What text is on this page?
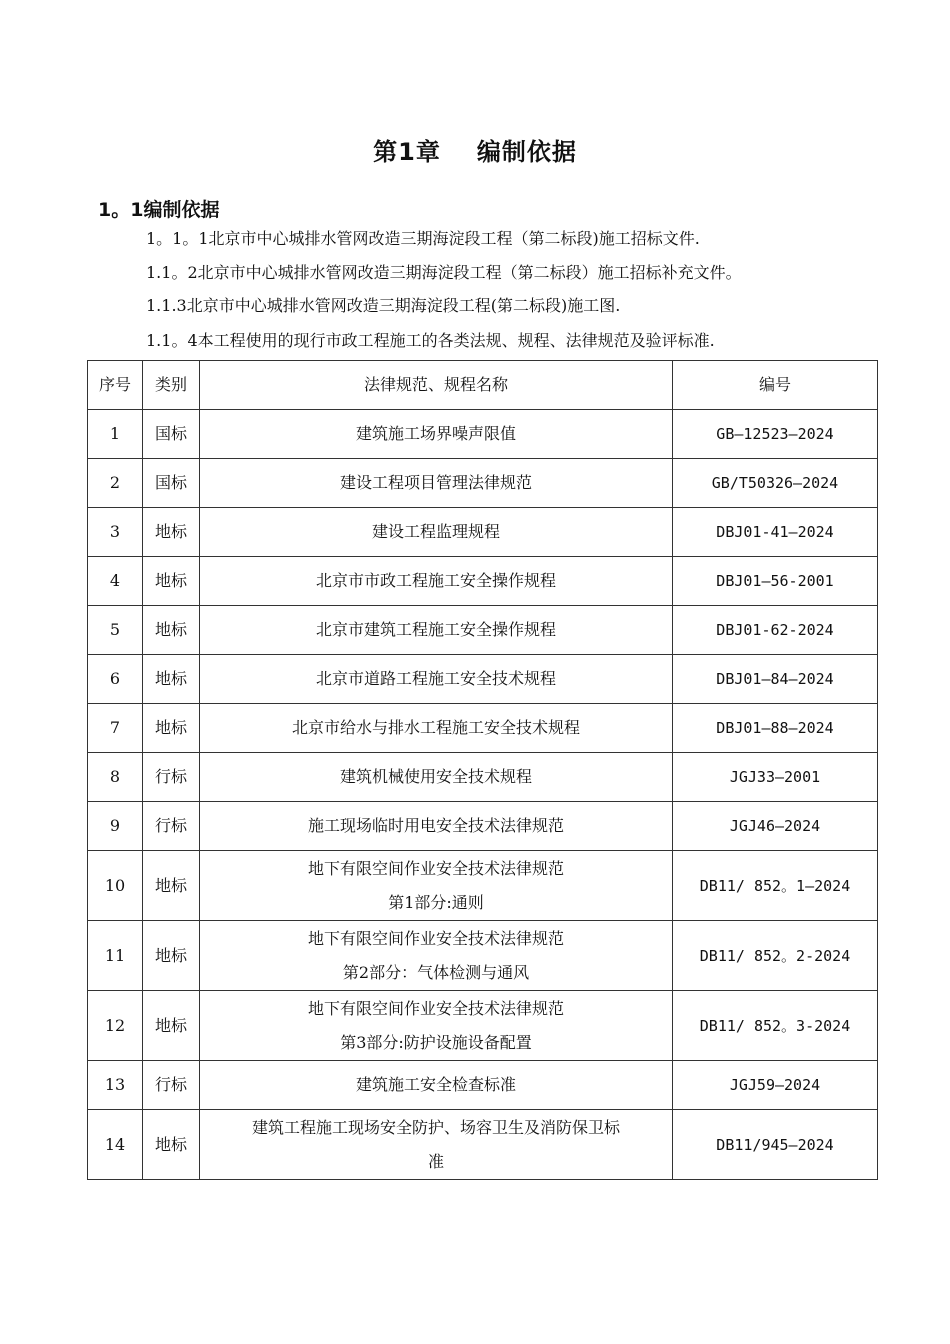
第1章 编制依据
1。1编制依据
1。1。1北京市中心城排水管网改造三期海淀段工程（第二标段)施工招标文件.
1.1。2北京市中心城排水管网改造三期海淀段工程（第二标段）施工招标补充文件。
1.1.3北京市中心城排水管网改造三期海淀段工程(第二标段)施工图.
1.1。4本工程使用的现行市政工程施工的各类法规、规程、法律规范及验评标准.
序号	类别	法律规范、规程名称	编号
1	国标	建筑施工场界噪声限值	GB—12523—2024
2	国标	建设工程项目管理法律规范	GB/T50326—2024
3	地标	建设工程监理规程	DBJ01-41—2024
4	地标	北京市市政工程施工安全操作规程	DBJ01—56-2001
5	地标	北京市建筑工程施工安全操作规程	DBJ01-62-2024
6	地标	北京市道路工程施工安全技术规程	DBJ01—84—2024
7	地标	北京市给水与排水工程施工安全技术规程	DBJ01—88—2024
8	行标	建筑机械使用安全技术规程	JGJ33—2001
9	行标	施工现场临时用电安全技术法律规范	JGJ46—2024
10	地标	地下有限空间作业安全技术法律规范
第1部分:通则	DB11/ 852。1—2024
11	地标	地下有限空间作业安全技术法律规范
第2部分：气体检测与通风	DB11/ 852。2-2024
12	地标	地下有限空间作业安全技术法律规范
第3部分:防护设施设备配置	DB11/ 852。3-2024
13	行标	建筑施工安全检查标准	JGJ59—2024
14	地标	建筑工程施工现场安全防护、场容卫生及消防保卫标
准	DB11/945—2024
